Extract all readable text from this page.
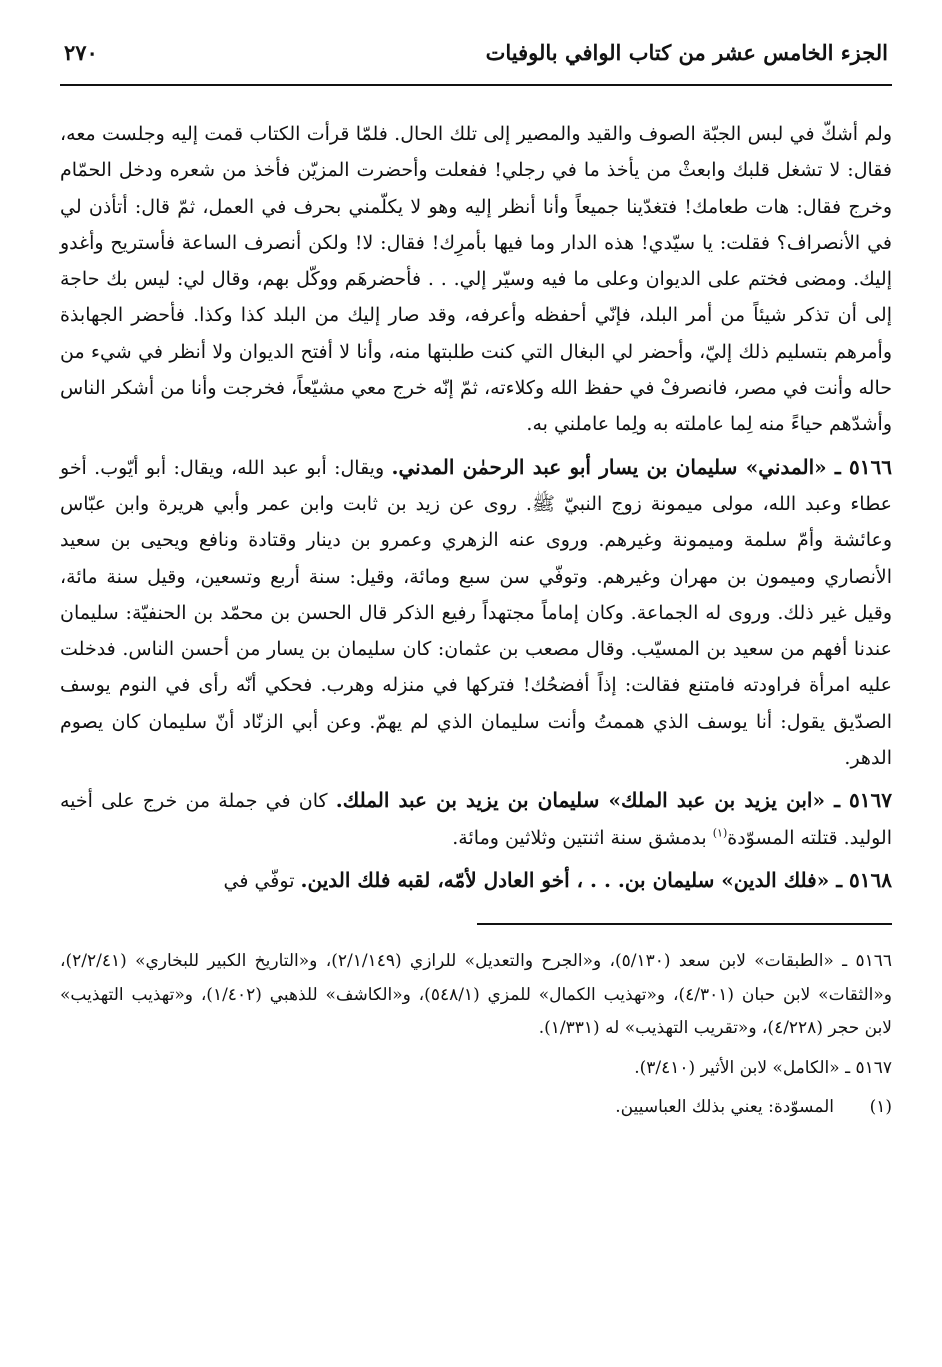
الجزء الخامس عشر من كتاب الوافي بالوفيات
٢٧٠

ولم أشكّ في لبس الجبّة الصوف والقيد والمصير إلى تلك الحال. فلمّا قرأت الكتاب قمت إليه وجلست معه، فقال: لا تشغل قلبك وابعثْ من يأخذ ما في رجلي! ففعلت وأحضرت المزيّن فأخذ من شعره ودخل الحمّام وخرج فقال: هات طعامك! فتغدّينا جميعاً وأنا أنظر إليه وهو لا يكلّمني بحرف في العمل، ثمّ قال: أتأذن لي في الأنصراف؟ فقلت: يا سيّدي! هذه الدار وما فيها بأمرِك! فقال: لا! ولكن أنصرف الساعة فأستريح وأغدو إليك. ومضى فختم على الديوان وعلى ما فيه وسيّر إلي. . . فأحضرهَم ووكّل بهم، وقال لي: ليس بك حاجة إلى أن تذكر شيئاً من أمر البلد، فإنّي أحفظه وأعرفه، وقد صار إليك من البلد كذا وكذا. فأحضر الجهابذة وأمرهم بتسليم ذلك إليّ، وأحضر لي البغال التي كنت طلبتها منه، وأنا لا أفتح الديوان ولا أنظر في شيء من حاله وأنت في مصر، فانصرفْ في حفظ الله وكلاءته، ثمّ إنّه خرج معي مشيّعاً، فخرجت وأنا من أشكر الناس وأشدّهم حياءً منه لِما عاملته به ولِما عاملني به.

٥١٦٦ ـ «المدني» سليمان بن يسار أبو عبد الرحمٰن المدني. ويقال: أبو عبد الله، ويقال: أبو أيّوب. أخو عطاء وعبد الله، مولى ميمونة زوج النبيّ ﷺ. روى عن زيد بن ثابت وابن عمر وأبي هريرة وابن عبّاس وعائشة وأمّ سلمة وميمونة وغيرهم. وروى عنه الزهري وعمرو بن دينار وقتادة ونافع ويحيى بن سعيد الأنصاري وميمون بن مهران وغيرهم. وتوفّي سن سبع ومائة، وقيل: سنة أربع وتسعين، وقيل سنة مائة، وقيل غير ذلك. وروى له الجماعة. وكان إماماً مجتهداً رفيع الذكر قال الحسن بن محمّد بن الحنفيّة: سليمان عندنا أفهم من سعيد بن المسيّب. وقال مصعب بن عثمان: كان سليمان بن يسار من أحسن الناس. فدخلت عليه امرأة فراودته فامتنع فقالت: إذاً أفضحُك! فتركها في منزله وهرب. فحكي أنّه رأى في النوم يوسف الصدّيق يقول: أنا يوسف الذي هممتُ وأنت سليمان الذي لم يهمّ. وعن أبي الزنّاد أنّ سليمان كان يصوم الدهر.

٥١٦٧ ـ «ابن يزيد بن عبد الملك» سليمان بن يزيد بن عبد الملك. كان في جملة من خرج على أخيه الوليد. قتلته المسوّدة$^{(١)}$ بدمشق سنة اثنتين وثلاثين ومائة.

٥١٦٨ ـ «فلك الدين» سليمان بن. . . ، أخو العادل لأمّه، لقبه فلك الدين. توفّي في

٥١٦٦ ـ «الطبقات» لابن سعد (٥/١٣٠)، و«الجرح والتعديل» للرازي (٢/١/١٤٩)، و«التاريخ الكبير للبخاري» (٢/٢/٤١)، و«الثقات» لابن حبان (٤/٣٠١)، و«تهذيب الكمال» للمزي (٥٤٨/١)، و«الكاشف» للذهبي (١/٤٠٢)، و«تهذيب التهذيب» لابن حجر (٤/٢٢٨)، و«تقريب التهذيب» له (١/٣٣١).

٥١٦٧ ـ «الكامل» لابن الأثير (٣/٤١٠).

(١)المسوّدة: يعني بذلك العباسيين.
